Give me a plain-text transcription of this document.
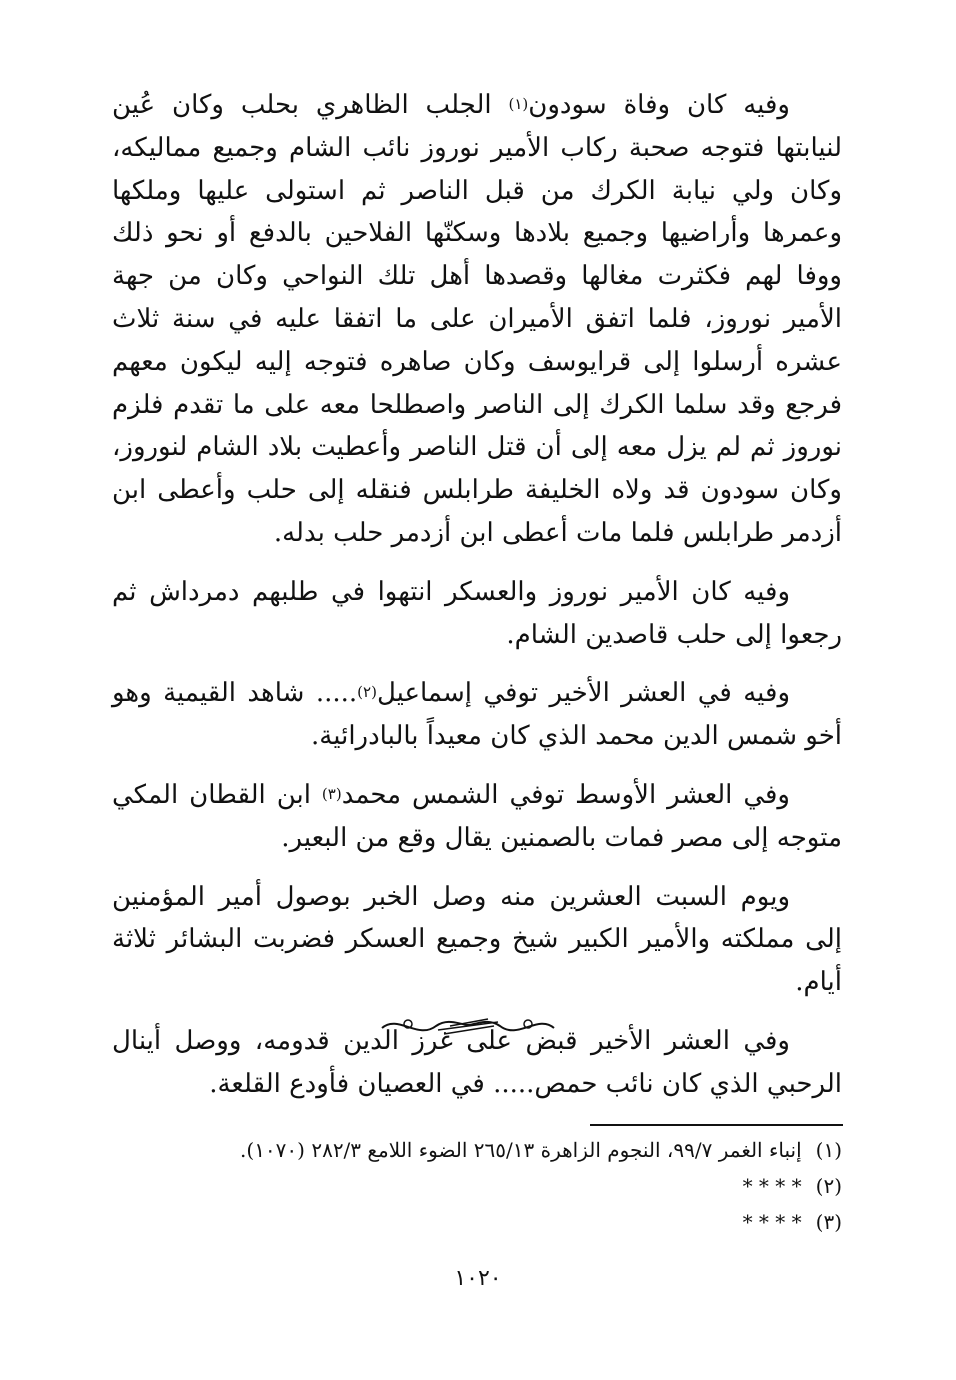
وفيه كان وفاة سودون$^{(١)}$ الجلب الظاهري بحلب وكان عُين لنيابتها فتوجه صحبة ركاب الأمير نوروز نائب الشام وجميع مماليكه، وكان ولي نيابة الكرك من قبل الناصر ثم استولى عليها وملكها وعمرها وأراضيها وجميع بلادها وسكنّها الفلاحين بالدفع أو نحو ذلك ووفا لهم فكثرت مغالها وقصدها أهل تلك النواحي وكان من جهة الأمير نوروز، فلما اتفق الأميران على ما اتفقا عليه في سنة ثلاث عشره أرسلوا إلى قرايوسف وكان صاهره فتوجه إليه ليكون معهم فرجع وقد سلما الكرك إلى الناصر واصطلحا معه على ما تقدم فلزم نوروز ثم لم يزل معه إلى أن قتل الناصر وأعطيت بلاد الشام لنوروز، وكان سودون قد ولاه الخليفة طرابلس فنقله إلى حلب وأعطى ابن أزدمر طرابلس فلما مات أعطى ابن أزدمر حلب بدله.

وفيه كان الأمير نوروز والعسكر انتهوا في طلبهم دمرداش ثم رجعوا إلى حلب قاصدين الشام.

وفيه في العشر الأخير توفي إسماعيل$^{(٢)}$..... شاهد القيمية وهو أخو شمس الدين محمد الذي كان معيداً بالبادرائية.

وفي العشر الأوسط توفي الشمس محمد$^{(٣)}$ ابن القطان المكي متوجه إلى مصر فمات بالصمنين يقال وقع من البعير.

ويوم السبت العشرين منه وصل الخبر بوصول أمير المؤمنين إلى مملكته والأمير الكبير شيخ وجميع العسكر فضربت البشائر ثلاثة أيام.

وفي العشر الأخير قبض على غرز الدين قدومه، ووصل أينال الرحبي الذي كان نائب حمص..... في العصيان فأودع القلعة.

(١) إنباء الغمر ٩٩/٧، النجوم الزاهرة ٢٦٥/١٣ الضوء اللامع ٢٨٢/٣ (١٠٧٠).
(٢) * * * *
(٣) * * * *
١٠٢٠
